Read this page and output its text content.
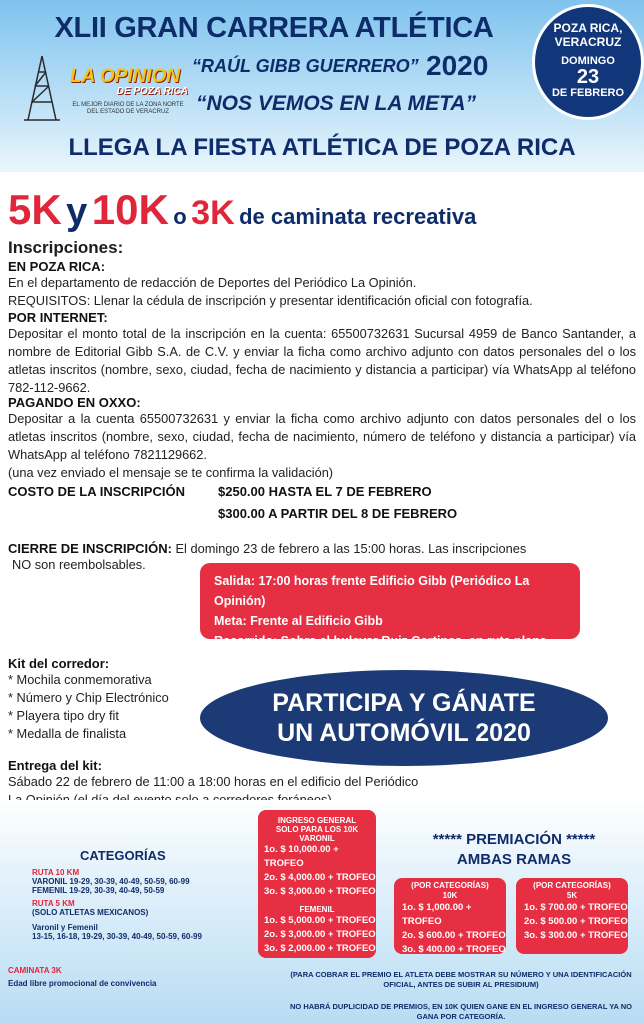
XLII GRAN CARRERA ATLÉTICA
“RAÚL GIBB GUERRERO” 2020
“NOS VEMOS EN LA META”
LLEGA LA FIESTA ATLÉTICA DE POZA RICA
LA OPINION
DE POZA RICA
EL MEJOR DIARIO DE LA ZONA NORTE DEL ESTADO DE VERACRUZ
POZA RICA,
VERACRUZ
DOMINGO
23
DE FEBRERO
5K y 10K o 3K de caminata recreativa
Inscripciones:
EN POZA RICA:
En el departamento de redacción de Deportes del Periódico La Opinión.
REQUISITOS: Llenar la cédula de inscripción y presentar identificación oficial con fotografía.
POR INTERNET:
Depositar el monto total de la inscripción en la cuenta: 65500732631 Sucursal 4959 de Banco Santander, a nombre de Editorial Gibb S.A. de C.V. y enviar la ficha como archivo adjunto con datos personales del o los atletas inscritos (nombre, sexo, ciudad, fecha de nacimiento y distancia a participar) vía WhatsApp al teléfono 782-112-9662.
PAGANDO EN OXXO:
Depositar a la cuenta 65500732631 y enviar la ficha como archivo adjunto con datos personales del o los atletas inscritos (nombre, sexo, ciudad, fecha de nacimiento, número de teléfono y distancia a participar) vía WhatsApp al teléfono 7821129662.
(una vez enviado el mensaje se te confirma la validación)
COSTO DE LA INSCRIPCIÓN	$250.00 HASTA EL 7 DE FEBRERO
$300.00 A PARTIR DEL 8 DE FEBRERO
CIERRE DE INSCRIPCIÓN: El domingo 23 de febrero a las 15:00 horas. Las inscripciones
NO son reembolsables.
Salida: 17:00 horas frente Edificio Gibb (Periódico La Opinión)
Meta: Frente al Edificio Gibb
Recorrido: Sobre el bulevar Ruiz Cortines, en ruta plana
Kit del corredor:
* Mochila conmemorativa
* Número y Chip Electrónico
* Playera tipo dry fit
* Medalla de finalista
PARTICIPA Y GÁNATE
UN AUTOMÓVIL 2020
Entrega del kit:
Sábado 22 de febrero de 11:00 a 18:00 horas en el edificio del Periódico
CATEGORÍAS
RUTA 10 KM
VARONIL 19-29, 30-39, 40-49, 50-59, 60-99
FEMENIL 19-29, 30-39, 40-49, 50-59
RUTA 5 KM
(SOLO ATLETAS MEXICANOS)
Varonil y Femenil
13-15, 16-18, 19-29, 30-39, 40-49, 50-59, 60-99
CAMINATA 3K
Edad libre promocional de convivencia
INGRESO GENERAL
SOLO PARA LOS 10K
VARONIL
1o. $ 10,000.00 + TROFEO
2o. $ 4,000.00 + TROFEO
3o. $ 3,000.00 + TROFEO
FEMENIL
1o. $ 5,000.00 + TROFEO
2o. $ 3,000.00 + TROFEO
3o. $ 2,000.00 + TROFEO
***** PREMIACIÓN *****
AMBAS RAMAS
(POR CATEGORÍAS)
10K
1o. $ 1,000.00 + TROFEO
2o. $ 600.00 + TROFEO
3o. $ 400.00 + TROFEO
(POR CATEGORÍAS)
5K
1o. $ 700.00 + TROFEO
2o. $ 500.00 + TROFEO
3o. $ 300.00 + TROFEO
(PARA COBRAR EL PREMIO EL ATLETA DEBE MOSTRAR SU NÚMERO Y UNA IDENTIFICACIÓN OFICIAL, ANTES DE SUBIR AL PRESIDIUM)
NO HABRÁ DUPLICIDAD DE PREMIOS, EN 10K QUIEN GANE EN EL INGRESO GENERAL YA NO GANA POR CATEGORÍA.
